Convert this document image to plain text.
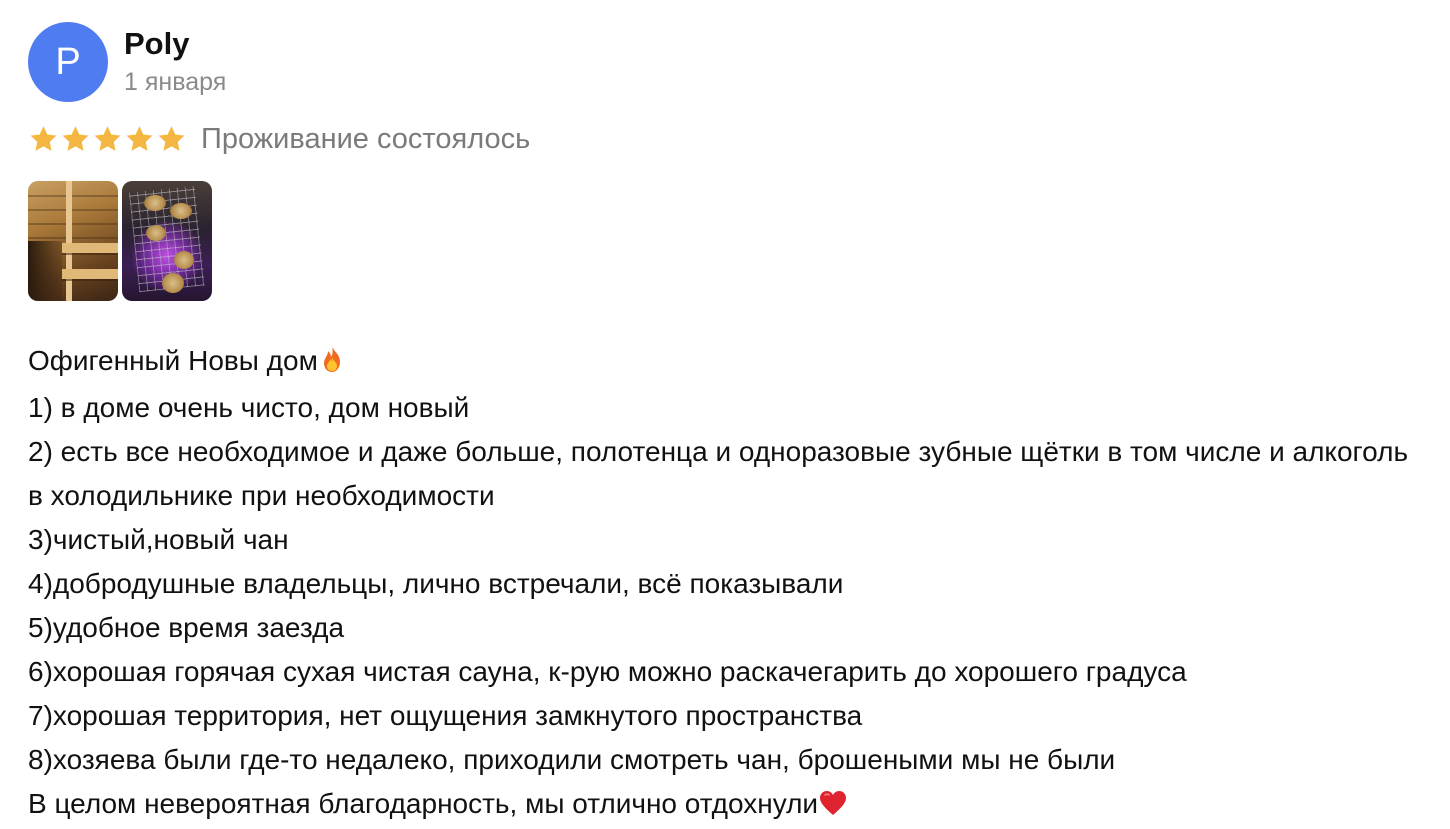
P Poly
1 января
Проживание состоялось
Офигенный Новы дом
1) в доме очень чисто, дом новый
2) есть все необходимое и даже больше, полотенца и одноразовые зубные щётки в том числе и алкоголь в холодильнике при необходимости
3)чистый,новый чан
4)добродушные владельцы, лично встречали, всё показывали
5)удобное время заезда
6)хорошая горячая сухая чистая сауна, к-рую можно раскачегарить до хорошего градуса
7)хорошая территория, нет ощущения замкнутого пространства
8)хозяева были где-то недалеко, приходили смотреть чан, брошеными мы не были
В целом невероятная благодарность, мы отлично отдохнули
